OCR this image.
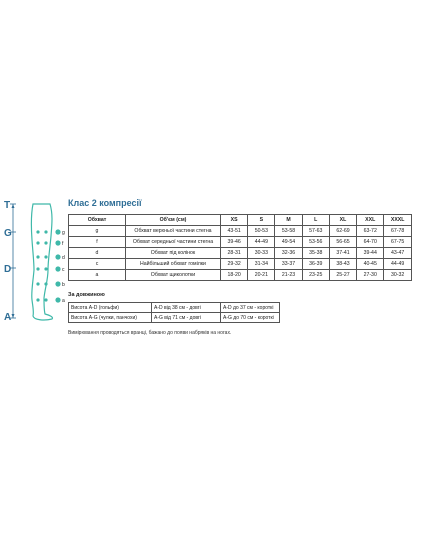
g
f
d
c
b
a
T
G
D
A
Клас 2 компресії
Обхват	Об'єм (см)	XS	S	M	L	XL	XXL	XXXL
g	Обхват верхньої частини стегна	43-51	50-53	53-58	57-63	62-69	63-72	67-78
f	Обхват середньої частини стегна	39-46	44-49	49-54	53-56	56-65	64-70	67-75
d	Обхват під колінок	28-31	30-33	32-36	35-38	37-41	39-44	43-47
c	Найбільший обхват гомілки	29-32	31-34	33-37	36-39	38-43	40-45	44-49
a	Обхват щиколотки	18-20	20-21	21-23	23-25	25-27	27-30	30-32
За довжиною
Висота A-D (гольфи)	A-D від 38 см - довгі	A-D до 37 см - короткі
Висота A-G (чулки, панчохи)	A-G від 71 см - довгі	A-G до 70 см - короткі
Вимірювання проводяться вранці, бажано до появи набряків на ногах.
